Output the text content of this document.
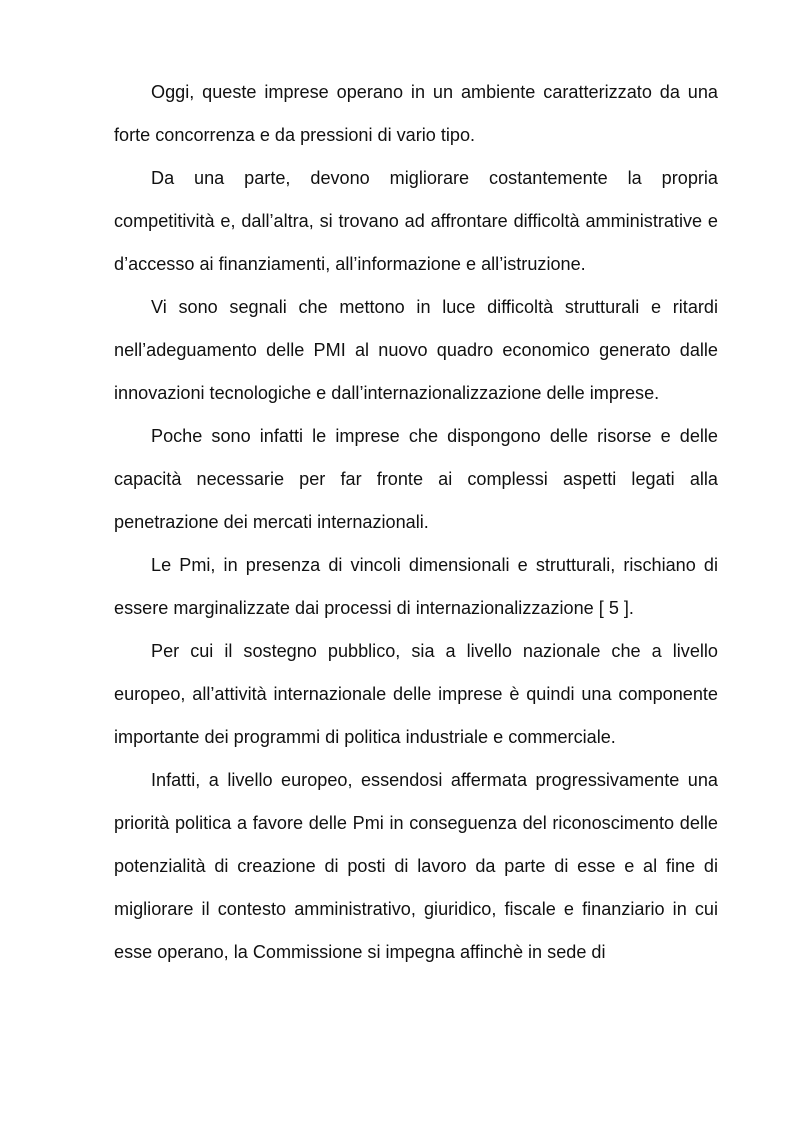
Oggi, queste imprese operano in un ambiente caratterizzato da una forte concorrenza e da pressioni di vario tipo.

Da una parte, devono migliorare costantemente la propria competitività e, dall’altra, si trovano ad affrontare difficoltà amministrative e d’accesso ai finanziamenti, all’informazione e all’istruzione.

Vi sono segnali che mettono in luce difficoltà strutturali e ritardi nell’adeguamento delle PMI al nuovo quadro economico generato dalle innovazioni tecnologiche e dall’internazionalizzazione delle imprese.

Poche sono infatti le imprese che dispongono delle risorse e delle capacità necessarie per far fronte ai complessi aspetti legati alla penetrazione dei mercati internazionali.

Le Pmi, in presenza di vincoli dimensionali e strutturali, rischiano di essere marginalizzate dai processi di internazionalizzazione [ 5 ].

Per cui il sostegno pubblico, sia a livello nazionale che a livello europeo, all’attività internazionale delle imprese è quindi una componente importante dei programmi di politica industriale e commerciale.

Infatti, a livello europeo, essendosi affermata progressivamente una priorità politica a favore delle Pmi in conseguenza del riconoscimento delle potenzialità di creazione di posti di lavoro da parte di esse e al fine di migliorare il contesto amministrativo, giuridico, fiscale e finanziario in cui esse operano, la Commissione si impegna affinchè in sede di
